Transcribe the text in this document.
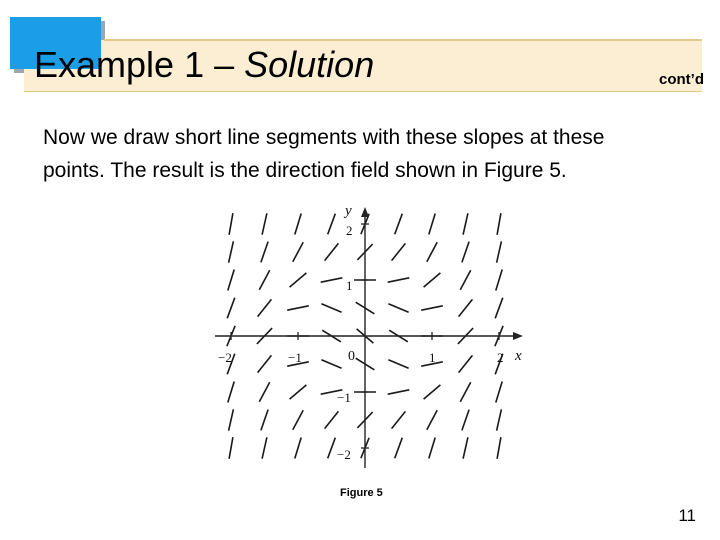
Example 1 – Solution	cont’d
Now we draw short line segments with these slopes at these points. The result is the direction field shown in Figure 5.
x
y
0
−2	−1	1	2
2
1
−1
−2
Figure 5
11
